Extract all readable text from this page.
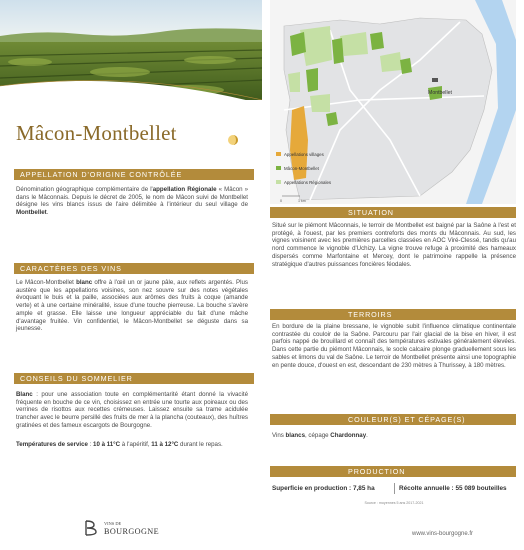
Mâcon-Montbellet
APPELLATION D'ORIGINE CONTRÔLÉE
Dénomination géographique complémentaire de l'appellation Régionale « Mâcon » dans le Mâconnais. Depuis le décret de 2005, le nom de Mâcon suivi de Montbellet désigne les vins blancs issus de l'aire délimitée à l'intérieur du seul village de Montbellet.
CARACTÈRES DES VINS
Le Mâcon-Montbellet blanc offre à l'œil un or jaune pâle, aux reflets argentés. Plus austère que les appellations voisines, son nez souvre sur des notes végétales évoquant le buis et la paille, associées aux arômes des fruits à coque (amande verte) et à une certaine minéralité, issue d'une touche pierreuse. La bouche s'avère ample et grasse. Elle laisse une longueur appréciable du fait d'une mâche d'avantage fruitée. Vin confidentiel, le Mâcon-Montbellet se déguste dans sa jeunesse.
CONSEILS DU SOMMELIER
Blanc : pour une association toute en complémentarité étant donné la vivacité fréquente en bouche de ce vin, choisissez en entrée une tourte aux poireaux ou des verrines de risottos aux recettes crémeuses. Laissez ensuite sa trame acidulée trancher avec le beurre persillé des fruits de mer à la plancha (couteaux), des huîtres gratinées et des fameux escargots de Bourgogne.
Températures de service : 10 à 11°C à l'apéritif, 11 à 12°C durant le repas.
Montbellet
Appellations villages
Mâcon-Montbellet
Appellations Régionales
0	1 km
SITUATION
Situé sur le piémont Mâconnais, le terroir de Montbellet est baigné par la Saône à l'est et protégé, à l'ouest, par les premiers contreforts des monts du Mâconnais. Au sud, les vignes voisinent avec les premières parcelles classées en AOC Viré-Clessé, tandis qu'au nord commence le vignoble d'Uchizy. La vigne trouve refuge à proximité des hameaux dispersés comme Marfontaine et Mercey, dont le patrimoine rappelle la présence stratégique d'autres puissances foncières féodales.
TERROIRS
En bordure de la plaine bressane, le vignoble subit l'influence climatique continentale contrastée du couloir de la Saône. Parcouru par l'air glacial de la bise en hiver, il est parfois nappé de brouillard et connaît des températures estivales généralement élevées. Dans cette partie du piémont Mâconnais, le socle calcaire plonge graduellement sous les sables et limons du val de Saône. Le terroir de Montbellet présente ainsi une topographie en pente douce, d'ouest en est, descendant de 230 mètres à Thurissey, à 180 mètres.
COULEUR(S) ET CÉPAGE(S)
Vins blancs, cépage Chardonnay.
PRODUCTION
Superficie en production : 7,85 ha	Récolte annuelle : 55 089 bouteilles
Source : moyennes 5 ans 2017-2021
www.vins-bourgogne.fr
VINS DE
BOURGOGNE
